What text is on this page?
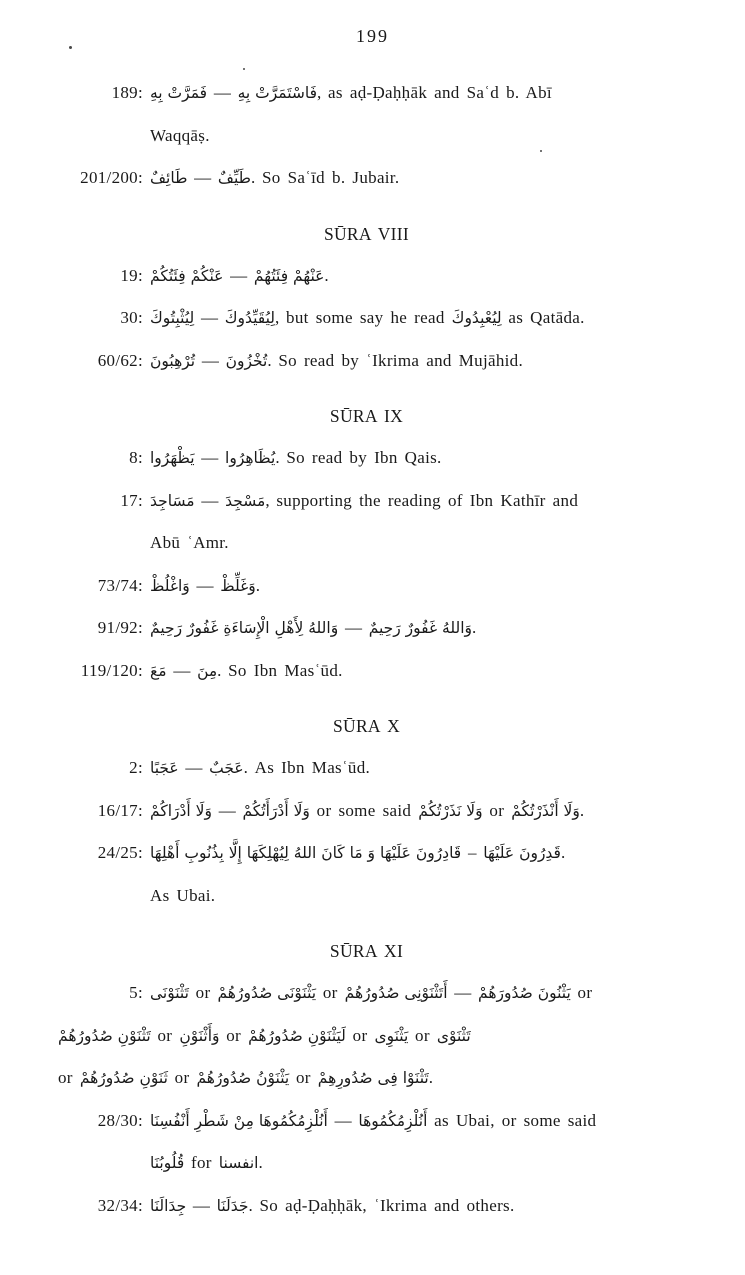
199
189: فَمَرَّتْ بِهِ — فَاسْتَمَرَّتْ بِهِ, as aḍ-Ḍaḥḥāk and Saʿd b. Abī
Waqqāṣ.
201/200: طَائِفٌ — طَيِّفٌ. So Saʿīd b. Jubair.
SŪRA VIII
19: عَنْكُمْ فِئَتُكُمْ — عَنْهُمْ فِئَتُهُمْ.
30: لِيُثْبِتُوكَ — لِيُقَيِّدُوكَ, but some say he read لِيُعْبِدُوكَ as Qatāda.
60/62: تُرْهِبُونَ — تُخْزُونَ. So read by ʿIkrima and Mujāhid.
SŪRA IX
8: يَظْهَرُوا — يُظَاهِرُوا. So read by Ibn Qais.
17: مَسَاجِدَ — مَسْجِدَ, supporting the reading of Ibn Kathīr and
Abū ʿAmr.
73/74: وَاغْلُظْ — وَغَلِّظْ.
91/92: وَاللهُ لِأَهْلِ الْإِسَاءَةِ غَفُورٌ رَحِيمٌ — وَاللهُ غَفُورٌ رَحِيمٌ.
119/120: مَعَ — مِنَ. So Ibn Masʿūd.
SŪRA X
2: عَجَبًا — عَجَبٌ. As Ibn Masʿūd.
16/17: وَلَا أَدْرَاكُمْ — وَلَا أَدْرَأَتُكُمْ or some said وَلَا نَذَرْتُكُمْ or وَلَا أَنْذَرْتُكُمْ.
24/25: قَادِرُونَ عَلَيْهَا وَ مَا كَانَ اللهُ لِيُهْلِكَهَا إِلَّا بِذُنُوبِ أَهْلِهَا – قَدِرُونَ عَلَيْهَا.
As Ubai.
SŪRA XI
5: تَثْنَوْنَى or يَثْنَوْنَى صُدُورُهُمْ or أَتَثْنَوْنِى صُدُورُهُمْ — يَثْنُونَ صُدُورَهُمْ or
تَثْنَوْنِ صُدُورُهُمْ or وَأَثْنَوْنِ or لَيَثْنَوْنِ صُدُورُهُمْ or يَثْنَوِى or تَثْنَوْى
or ثَنَوْنِ صُدُورُهُمْ or يَثْنَوْنُ صُدُورُهُمْ or تَثْنَوْا فِى صُدُورِهِمْ.
28/30: أَنُلْزِمُكُمُوهَا مِنْ شَطْرِ أَنْفُسِنَا — أَنُلْزِمُكُمُوهَا as Ubai, or some said
قُلُوبُنَا for انفسنا.
32/34: جِدَالَنَا — جَدَلَنَا. So aḍ-Ḍaḥḥāk, ʿIkrima and others.
